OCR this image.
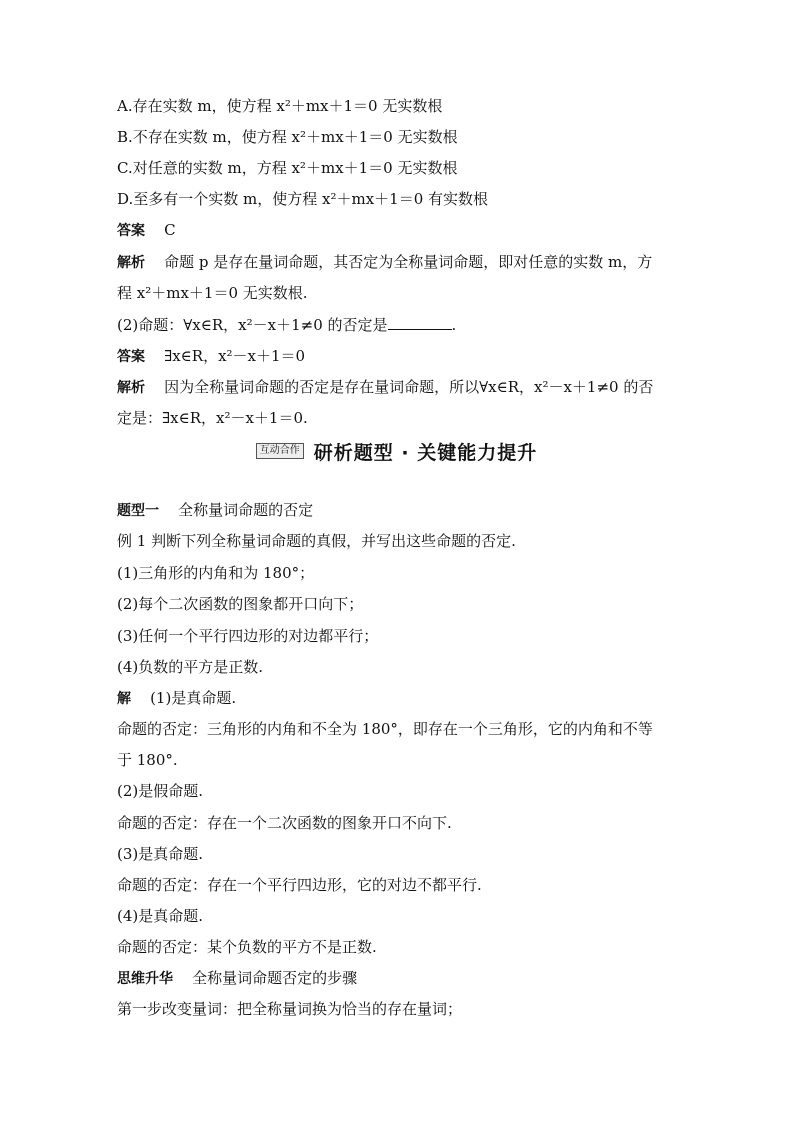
A.存在实数 m，使方程 x²＋mx＋1＝0 无实数根
B.不存在实数 m，使方程 x²＋mx＋1＝0 无实数根
C.对任意的实数 m，方程 x²＋mx＋1＝0 无实数根
D.至多有一个实数 m，使方程 x²＋mx＋1＝0 有实数根
答案 C
解析 命题 p 是存在量词命题，其否定为全称量词命题，即对任意的实数 m，方
程 x²＋mx＋1＝0 无实数根.
(2)命题：∀x∈R，x²－x＋1≠0 的否定是	.
答案 ∃x∈R，x²－x＋1＝0
解析 因为全称量词命题的否定是存在量词命题，所以∀x∈R，x²－x＋1≠0 的否
定是：∃x∈R，x²－x＋1＝0.
互动合作 研析题型 · 关键能力提升
题型一 全称量词命题的否定
例 1 判断下列全称量词命题的真假，并写出这些命题的否定.
(1)三角形的内角和为 180°；
(2)每个二次函数的图象都开口向下；
(3)任何一个平行四边形的对边都平行；
(4)负数的平方是正数.
解 (1)是真命题.
命题的否定：三角形的内角和不全为 180°，即存在一个三角形，它的内角和不等
于 180°.
(2)是假命题.
命题的否定：存在一个二次函数的图象开口不向下.
(3)是真命题.
命题的否定：存在一个平行四边形，它的对边不都平行.
(4)是真命题.
命题的否定：某个负数的平方不是正数.
思维升华 全称量词命题否定的步骤
第一步改变量词：把全称量词换为恰当的存在量词；
